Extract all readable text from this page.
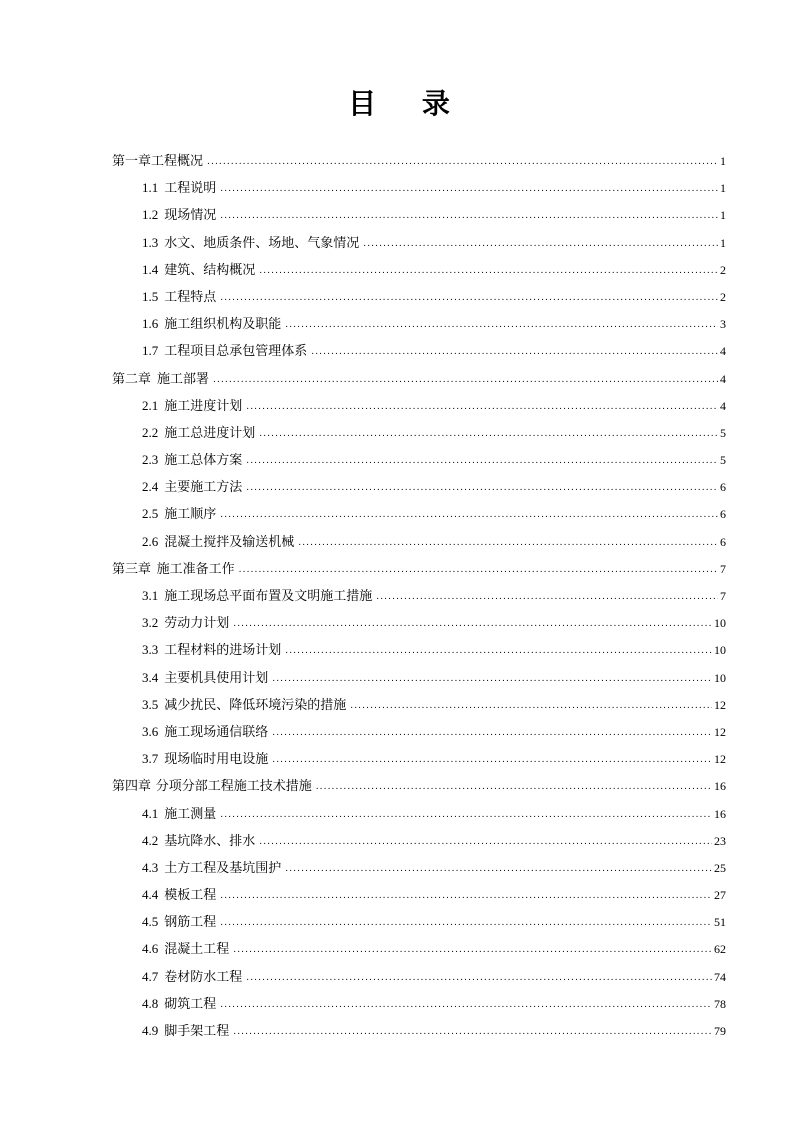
目 录
第一章 工程概况 .....	1
1.1 工程说明 .....	1
1.2 现场情况 .....	1
1.3 水文、地质条件、场地、气象情况 .....	1
1.4 建筑、结构概况 .....	2
1.5 工程特点 .....	2
1.6 施工组织机构及职能 .....	3
1.7 工程项目总承包管理体系 .....	4
第二章 施工部署 .....	4
2.1 施工进度计划 .....	4
2.2 施工总进度计划 .....	5
2.3 施工总体方案 .....	5
2.4 主要施工方法 .....	6
2.5 施工顺序 .....	6
2.6 混凝土搅拌及输送机械 .....	6
第三章 施工准备工作 .....	7
3.1 施工现场总平面布置及文明施工措施 .....	7
3.2 劳动力计划 .....	10
3.3 工程材料的进场计划 .....	10
3.4 主要机具使用计划 .....	10
3.5 减少扰民、降低环境污染的措施 .....	12
3.6 施工现场通信联络 .....	12
3.7 现场临时用电设施 .....	12
第四章 分项分部工程施工技术措施 .....	16
4.1 施工测量 .....	16
4.2 基坑降水、排水 .....	23
4.3 土方工程及基坑围护 .....	25
4.4 模板工程 .....	27
4.5 钢筋工程 .....	51
4.6 混凝土工程 .....	62
4.7 卷材防水工程 .....	74
4.8 砌筑工程 .....	78
4.9 脚手架工程 .....	79
